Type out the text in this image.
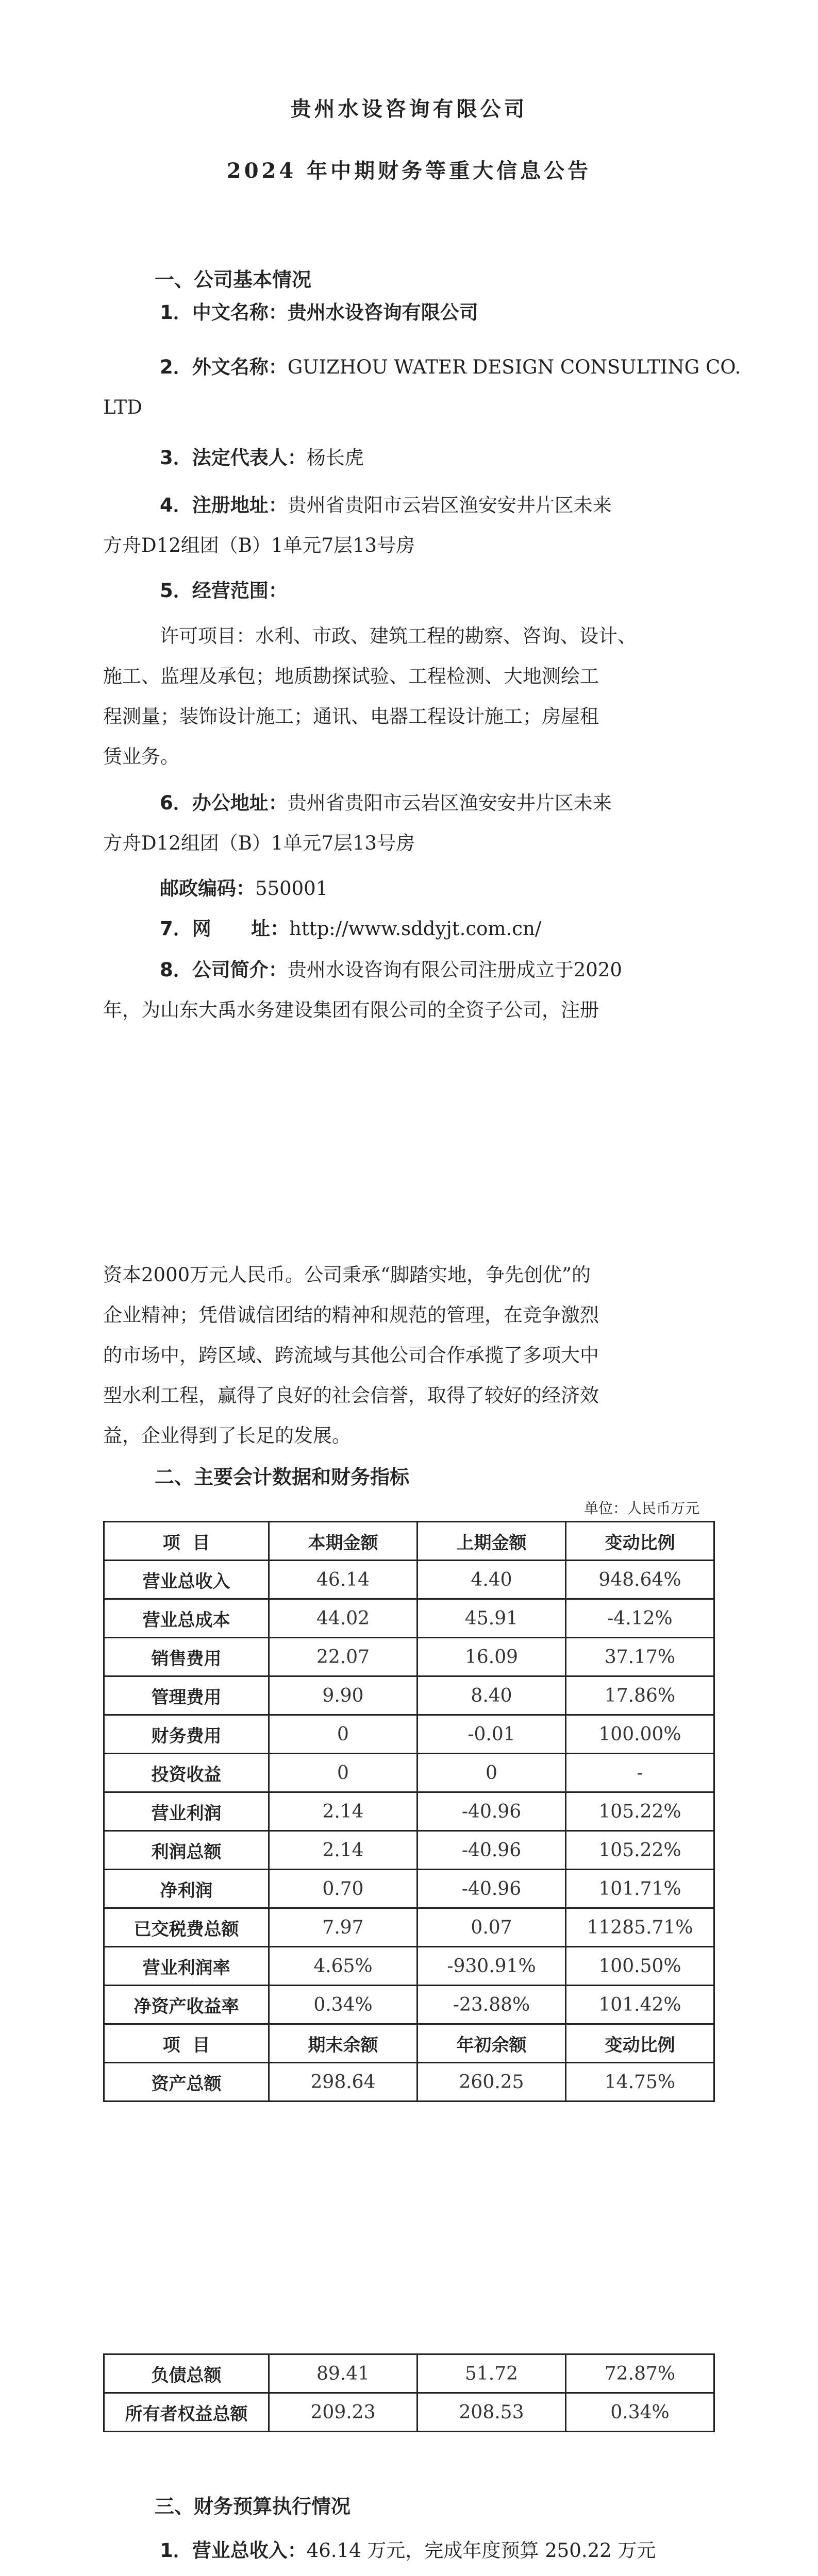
贵州水设咨询有限公司
2024 年中期财务等重大信息公告
一、公司基本情况
1．中文名称：贵州水设咨询有限公司
2．外文名称：GUIZHOU WATER DESIGN CONSULTING CO.
LTD
3．法定代表人：杨长虎
4．注册地址：贵州省贵阳市云岩区渔安安井片区未来
方舟D12组团（B）1单元7层13号房
5．经营范围：
许可项目：水利、市政、建筑工程的勘察、咨询、设计、
施工、监理及承包；地质勘探试验、工程检测、大地测绘工
程测量；装饰设计施工；通讯、电器工程设计施工；房屋租
赁业务。
6．办公地址：贵州省贵阳市云岩区渔安安井片区未来
方舟D12组团（B）1单元7层13号房
邮政编码：550001
7．网      址：http://www.sddyjt.com.cn/
8．公司简介：贵州水设咨询有限公司注册成立于2020
年，为山东大禹水务建设集团有限公司的全资子公司，注册
资本2000万元人民币。公司秉承“脚踏实地，争先创优”的
企业精神；凭借诚信团结的精神和规范的管理，在竞争激烈
的市场中，跨区域、跨流域与其他公司合作承揽了多项大中
型水利工程，赢得了良好的社会信誉，取得了较好的经济效
益，企业得到了长足的发展。
二、主要会计数据和财务指标
单位：人民币万元
项  目	本期金额	上期金额	变动比例
营业总收入	46.14	4.40	948.64%
营业总成本	44.02	45.91	-4.12%
销售费用	22.07	16.09	37.17%
管理费用	9.90	8.40	17.86%
财务费用	0	-0.01	100.00%
投资收益	0	0	-
营业利润	2.14	-40.96	105.22%
利润总额	2.14	-40.96	105.22%
净利润	0.70	-40.96	101.71%
已交税费总额	7.97	0.07	11285.71%
营业利润率	4.65%	-930.91%	100.50%
净资产收益率	0.34%	-23.88%	101.42%
项  目	期末余额	年初余额	变动比例
资产总额	298.64	260.25	14.75%
负债总额	89.41	51.72	72.87%
所有者权益总额	209.23	208.53	0.34%
三、财务预算执行情况
1．营业总收入：46.14 万元，完成年度预算 250.22 万元
